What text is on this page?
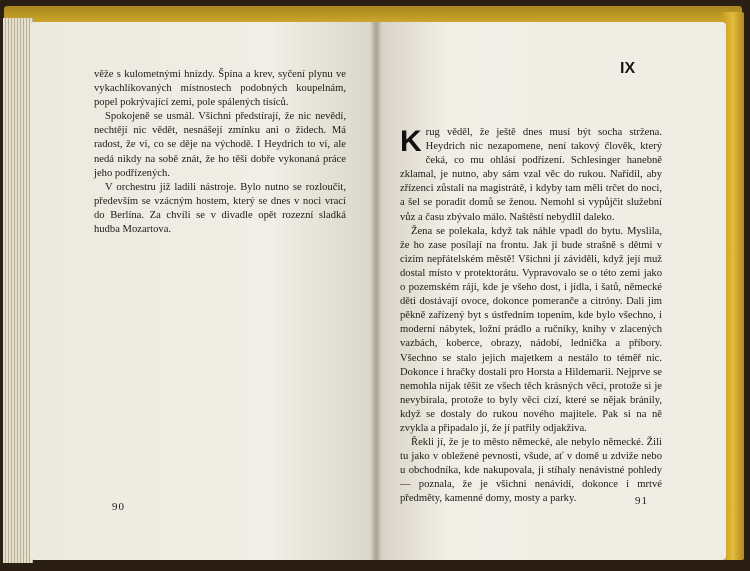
věže s kulometnými hnízdy. Špína a krev, syčení plynu ve vykachlíkovaných místnostech podobných koupelnám, popel pokrývající zemi, pole spálených tisíců.

Spokojeně se usmál. Všichni předstírají, že nic nevědí, nechtějí nic vědět, nesnášejí zmínku ani o židech. Má radost, že ví, co se děje na východě. I Heydrich to ví, ale nedá nikdy na sobě znát, že ho těší dobře vykonaná práce jeho podřízených.

V orchestru již ladili nástroje. Bylo nutno se rozloučit, především se vzácným hostem, který se dnes v noci vrací do Berlína. Za chvíli se v divadle opět rozezní sladká hudba Mozartova.

90
IX

Krug věděl, že ještě dnes musí být socha stržena. Heydrich nic nezapomene, není takový člověk, který čeká, co mu ohlásí podřízení. Schlesinger hanebně zklamal, je nutno, aby sám vzal věc do rukou. Nařídil, aby zřízenci zůstali na magistrátě, i kdyby tam měli trčet do noci, a šel se poradit domů se ženou. Nemohl si vypůjčit služební vůz a času zbývalo málo. Naštěstí nebydlil daleko.

Žena se polekala, když tak náhle vpadl do bytu. Myslila, že ho zase posílají na frontu. Jak jí bude strašně s dětmi v cizím nepřátelském městě! Všichni jí záviděli, když její muž dostal místo v protektorátu. Vypravovalo se o této zemi jako o pozemském ráji, kde je všeho dost, i jídla, i šatů, německé děti dostávají ovoce, dokonce pomeranče a citróny. Dali jim pěkně zařízený byt s ústředním topením, kde bylo všechno, i moderní nábytek, ložní prádlo a ručníky, knihy v zlacených vazbách, koberce, obrazy, nádobí, lednička a příbory. Všechno se stalo jejich majetkem a nestálo to téměř nic. Dokonce i hračky dostali pro Horsta a Hildemarii. Nejprve se nemohla nijak těšit ze všech těch krásných věcí, protože si je nevybírala, protože to byly věci cizí, které se nějak bránily, když se dostaly do rukou nového majitele. Pak si na ně zvykla a připadalo jí, že jí patřily odjakživa.

Řekli jí, že je to město německé, ale nebylo německé. Žili tu jako v obležené pevnosti, všude, ať v domě u zdviže nebo u obchodníka, kde nakupovala, ji stíhaly nenávistné pohledy — poznala, že je všichni nenávidí, dokonce i mrtvé předměty, kamenné domy, mosty a parky.	91
